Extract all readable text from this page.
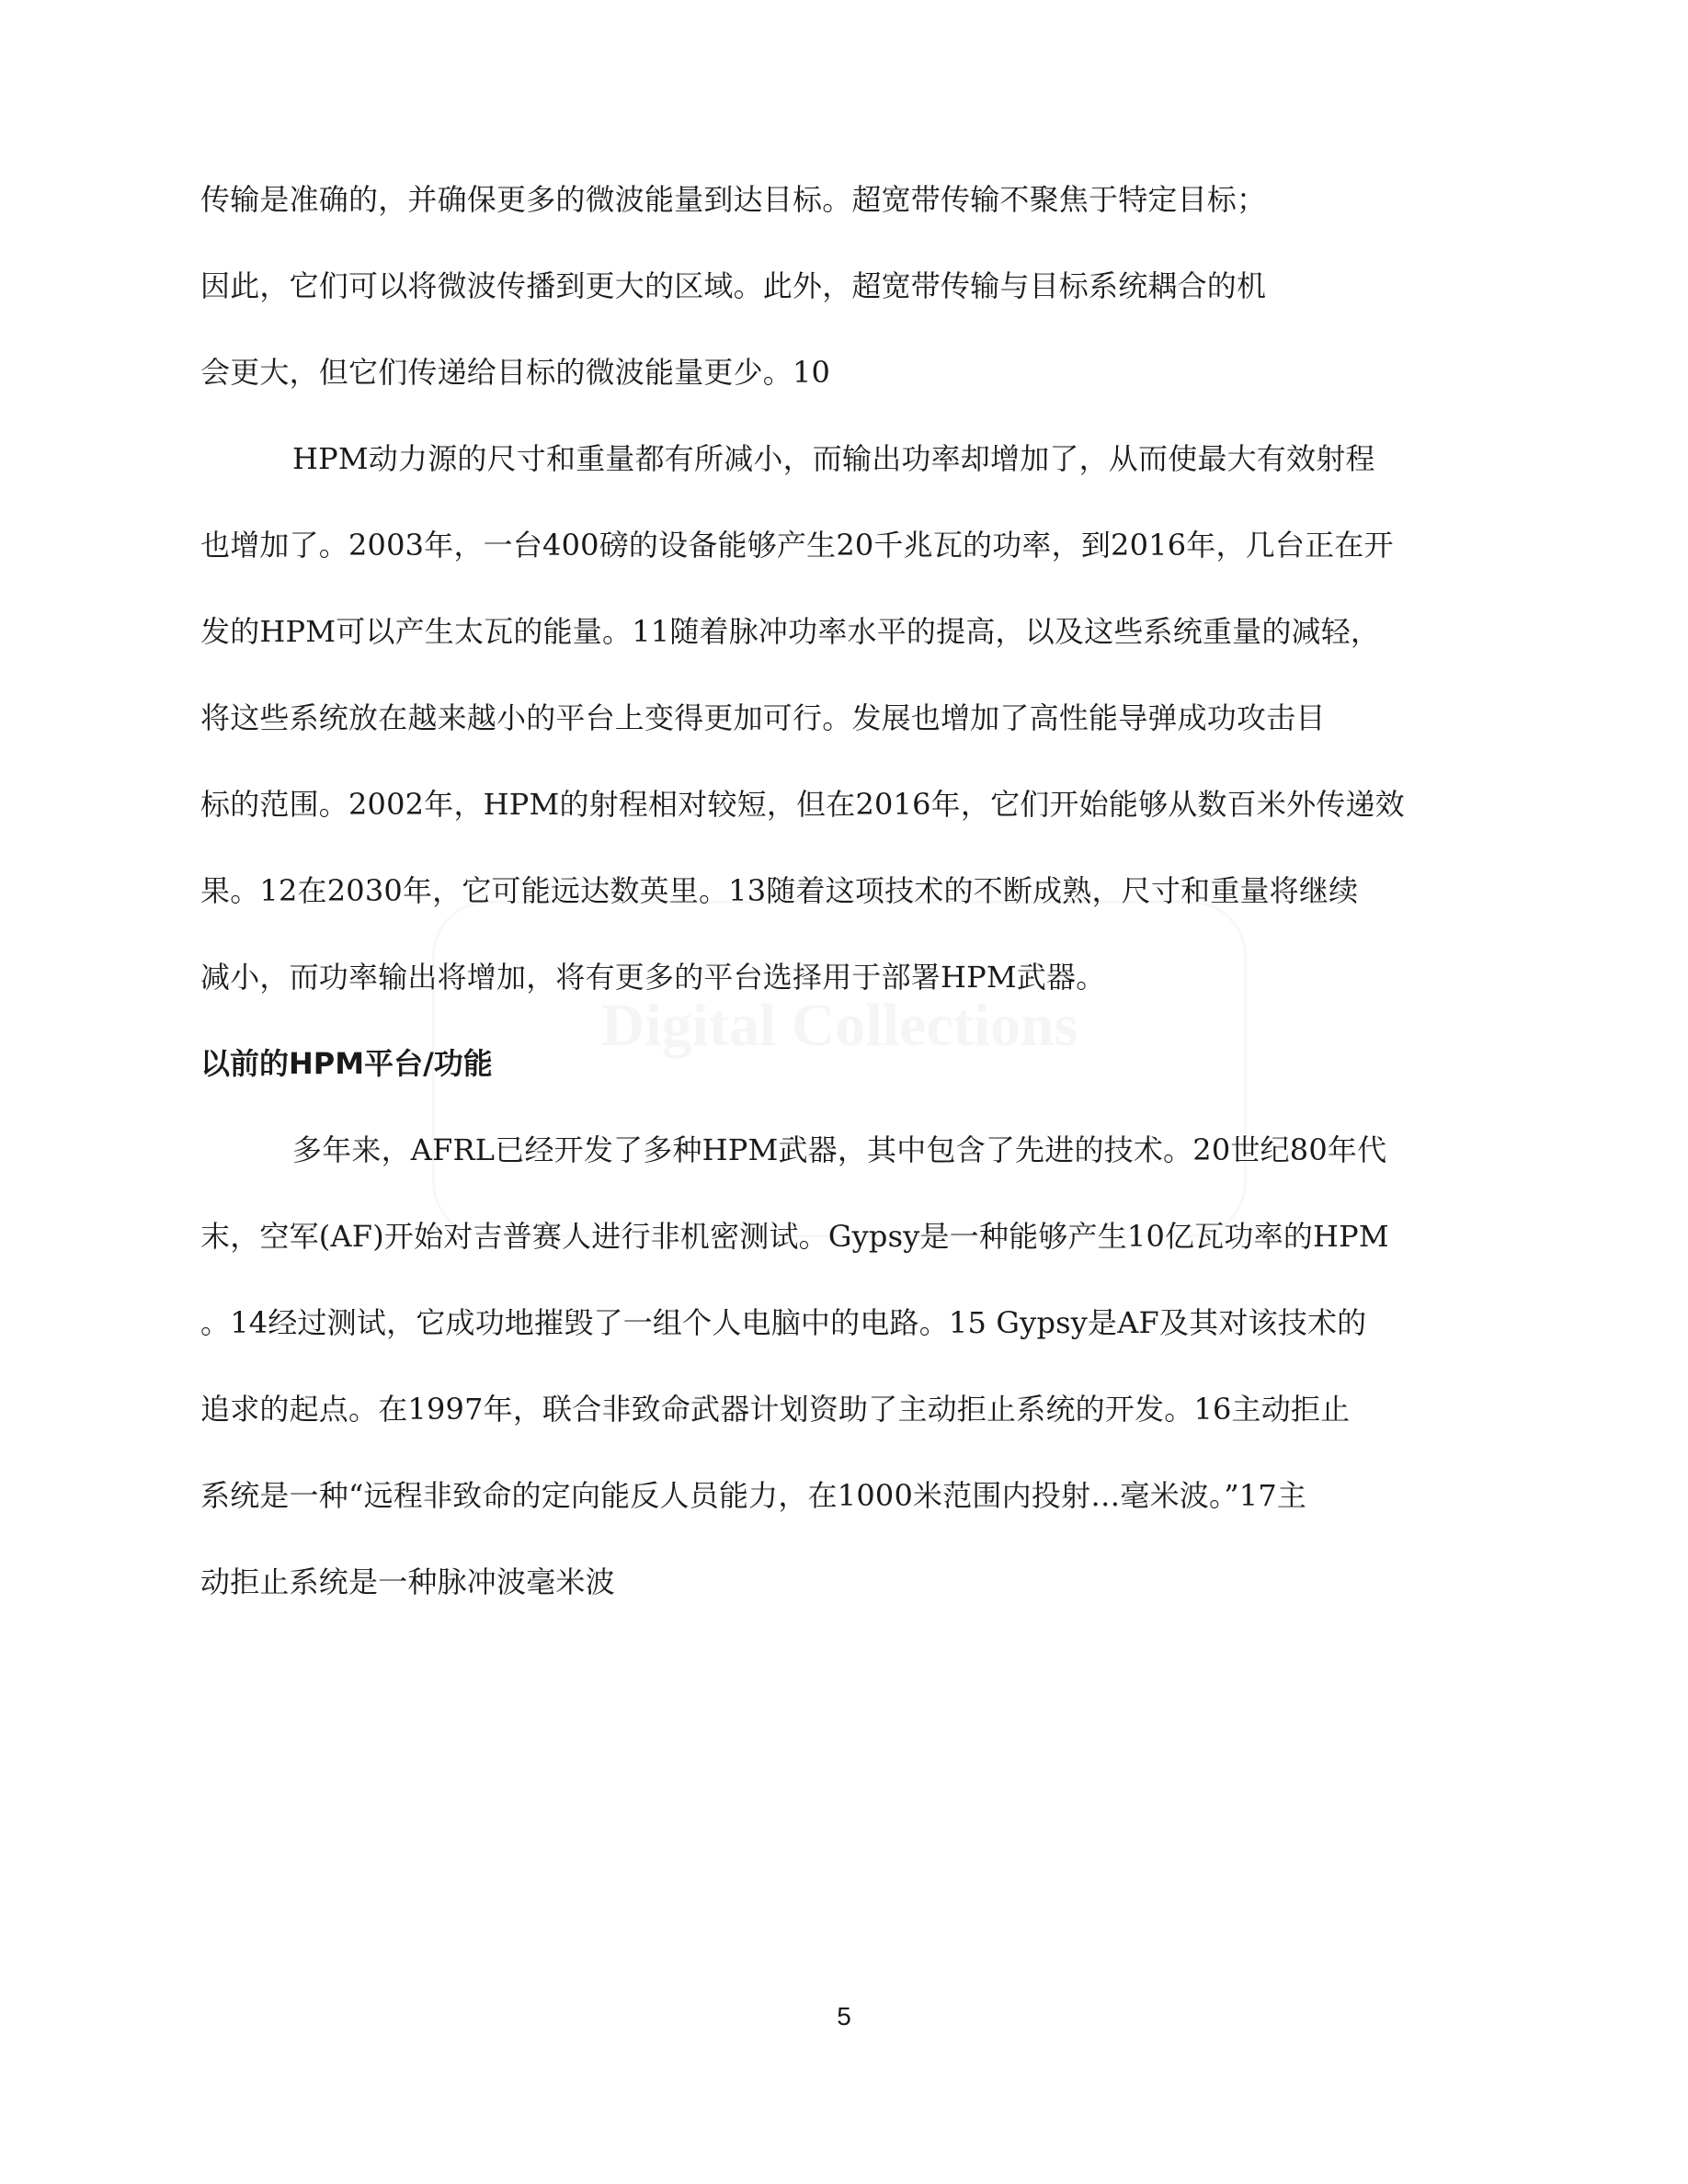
Digital Collections
传输是准确的，并确保更多的微波能量到达目标。超宽带传输不聚焦于特定目标；
因此，它们可以将微波传播到更大的区域。此外，超宽带传输与目标系统耦合的机
会更大，但它们传递给目标的微波能量更少。10
HPM动力源的尺寸和重量都有所减小，而输出功率却增加了，从而使最大有效射程
也增加了。2003年，一台400磅的设备能够产生20千兆瓦的功率，到2016年，几台正在开
发的HPM可以产生太瓦的能量。11随着脉冲功率水平的提高，以及这些系统重量的减轻，
将这些系统放在越来越小的平台上变得更加可行。发展也增加了高性能导弹成功攻击目
标的范围。2002年，HPM的射程相对较短，但在2016年，它们开始能够从数百米外传递效
果。12在2030年，它可能远达数英里。13随着这项技术的不断成熟，尺寸和重量将继续
减小，而功率输出将增加，将有更多的平台选择用于部署HPM武器。
以前的HPM平台/功能
多年来，AFRL已经开发了多种HPM武器，其中包含了先进的技术。20世纪80年代
末，空军(AF)开始对吉普赛人进行非机密测试。Gypsy是一种能够产生10亿瓦功率的HPM
。14经过测试，它成功地摧毁了一组个人电脑中的电路。15 Gypsy是AF及其对该技术的
追求的起点。在1997年，联合非致命武器计划资助了主动拒止系统的开发。16主动拒止
系统是一种“远程非致命的定向能反人员能力，在1000米范围内投射…毫米波。”17主
动拒止系统是一种脉冲波毫米波
5
